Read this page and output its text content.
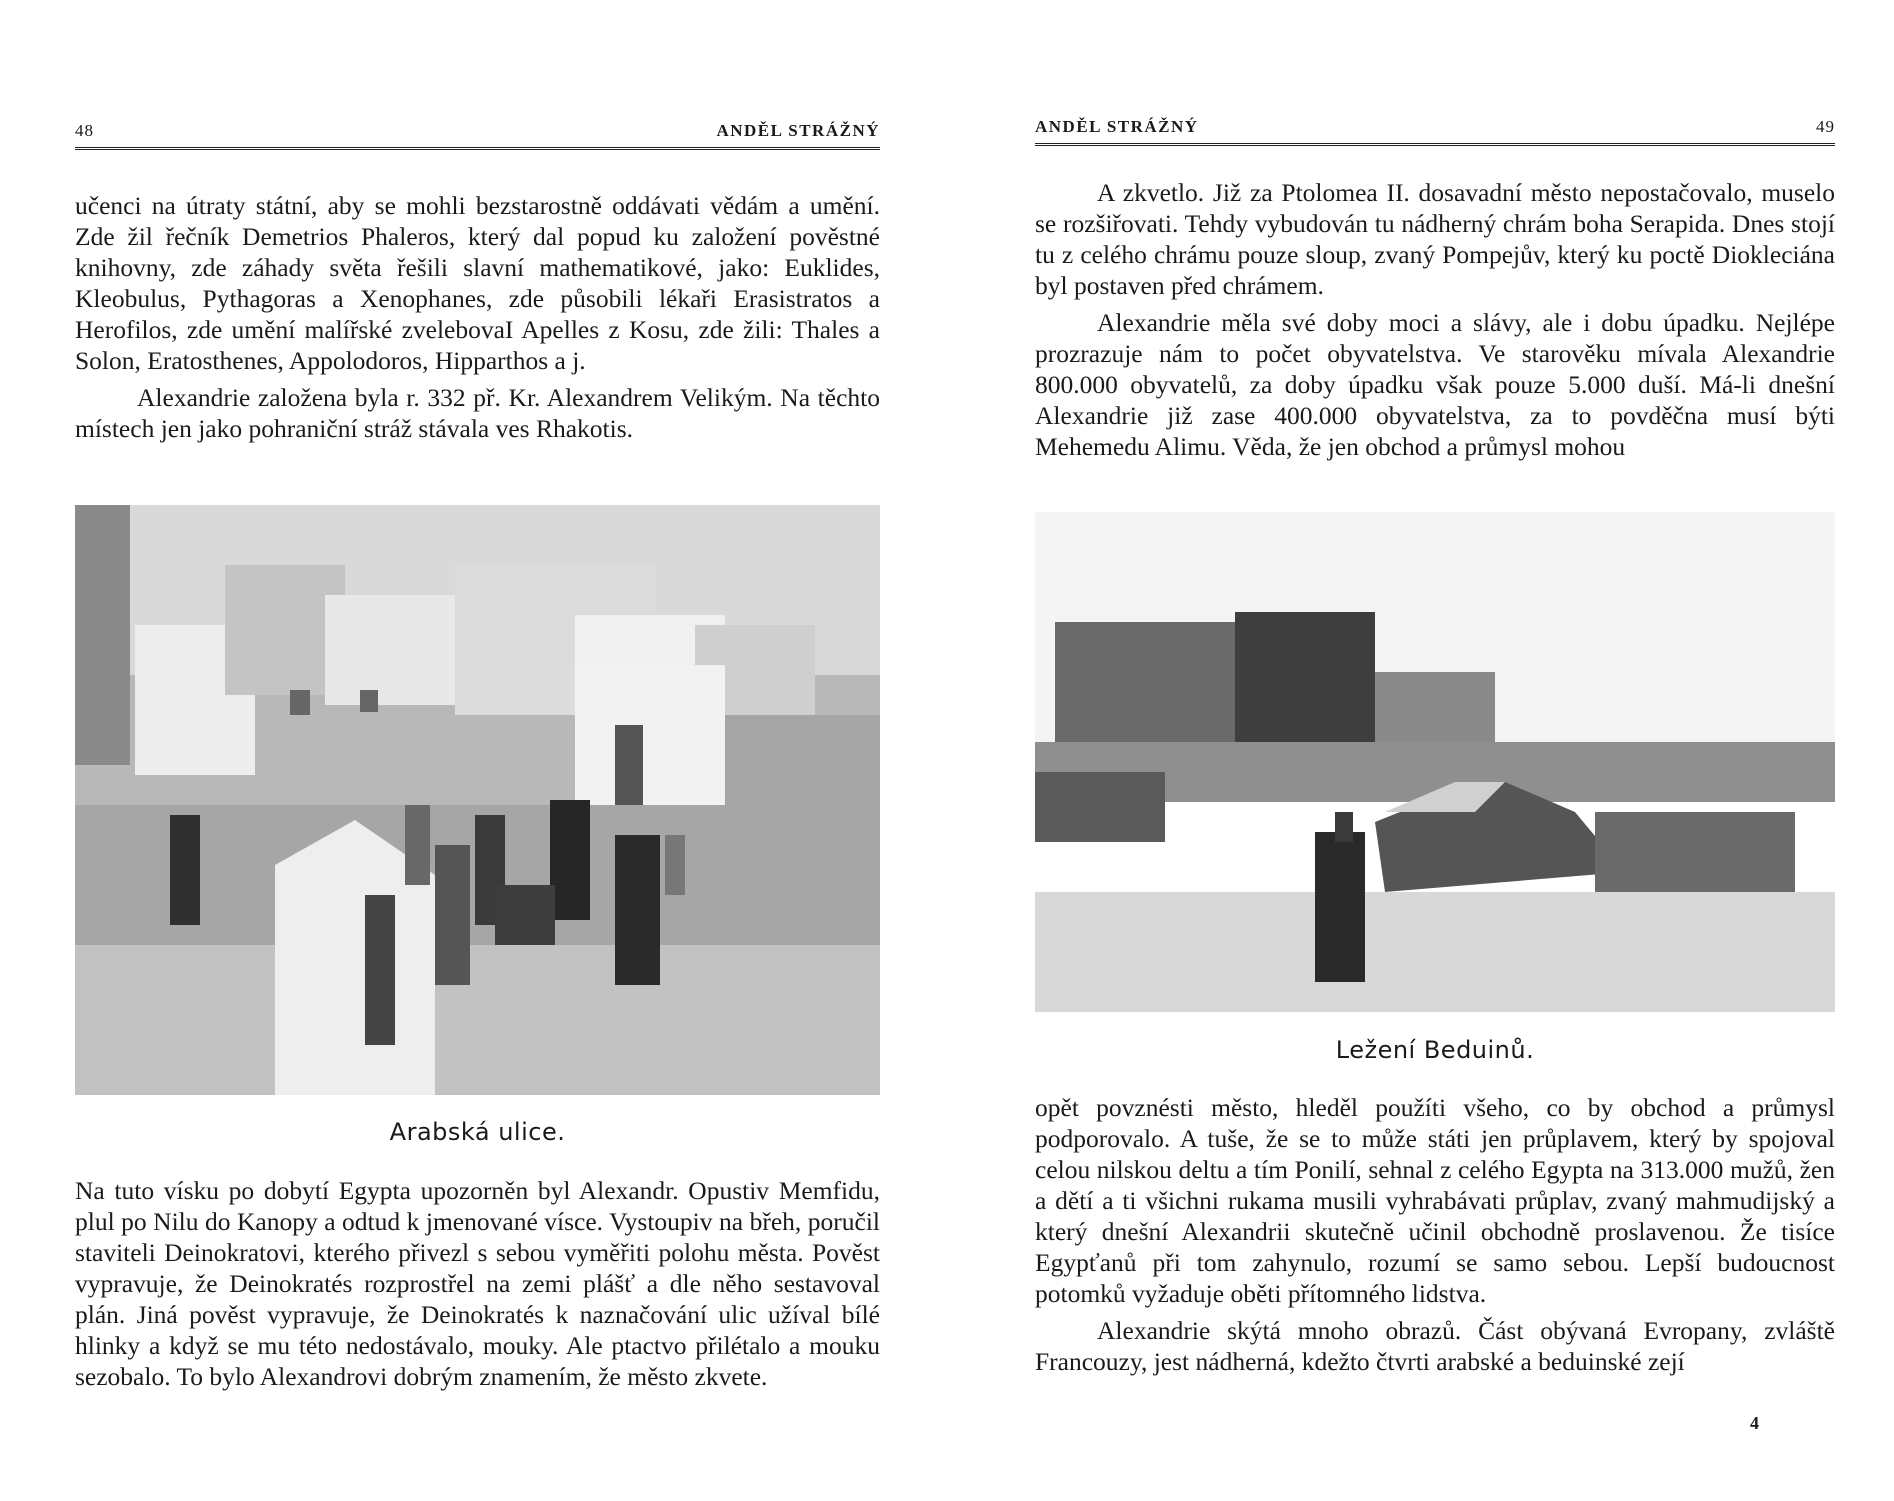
48	ANDĚL STRÁŽNÝ

učenci na útraty státní, aby se mohli bezstarostně oddávati vědám a umění. Zde žil řečník Demetrios Phaleros, který dal popud ku založení pověstné knihovny, zde záhady světa řešili slavní mathematikové, jako: Euklides, Kleobulus, Pythagoras a Xenophanes, zde působili lékaři Erasistratos a Herofilos, zde umění malířské zvelebovaI Apelles z Kosu, zde žili: Thales a Solon, Eratosthenes, Appolodoros, Hipparthos a j.

Alexandrie založena byla r. 332 př. Kr. Alexandrem Velikým. Na těchto místech jen jako pohraniční stráž stávala ves Rhakotis.

Arabská ulice.

Na tuto vísku po dobytí Egypta upozorněn byl Alexandr. Opustiv Memfidu, plul po Nilu do Kanopy a odtud k jmenované vísce. Vystoupiv na břeh, poručil staviteli Deinokratovi, kterého přivezl s sebou vyměřiti polohu města. Pověst vypravuje, že Deinokratés rozprostřel na zemi plášť a dle něho sestavoval plán. Jiná pověst vypravuje, že Deinokratés k naznačování ulic užíval bílé hlinky a když se mu této nedostávalo, mouky. Ale ptactvo přilétalo a mouku sezobalo. To bylo Alexandrovi dobrým znamením, že město zkvete.

ANDĚL STRÁŽNÝ	49

A zkvetlo. Již za Ptolomea II. dosavadní město nepostačovalo, muselo se rozšiřovati. Tehdy vybudován tu nádherný chrám boha Serapida. Dnes stojí tu z celého chrámu pouze sloup, zvaný Pompejův, který ku poctě Diokleciána byl postaven před chrámem.

Alexandrie měla své doby moci a slávy, ale i dobu úpadku. Nejlépe prozrazuje nám to počet obyvatelstva. Ve starověku mívala Alexandrie 800.000 obyvatelů, za doby úpadku však pouze 5.000 duší. Má-li dnešní Alexandrie již zase 400.000 obyvatelstva, za to povděčna musí býti Mehemedu Alimu. Věda, že jen obchod a průmysl mohou

Ležení Beduinů.

opět povznésti město, hleděl použíti všeho, co by obchod a průmysl podporovalo. A tuše, že se to může státi jen průplavem, který by spojoval celou nilskou deltu a tím Ponilí, sehnal z celého Egypta na 313.000 mužů, žen a dětí a ti všichni rukama musili vyhrabávati průplav, zvaný mahmudijský a který dnešní Alexandrii skutečně učinil obchodně proslavenou. Že tisíce Egypťanů při tom zahynulo, rozumí se samo sebou. Lepší budoucnost potomků vyžaduje oběti přítomného lidstva.

Alexandrie skýtá mnoho obrazů. Část obývaná Evropany, zvláště Francouzy, jest nádherná, kdežto čtvrti arabské a beduinské zejí

4
